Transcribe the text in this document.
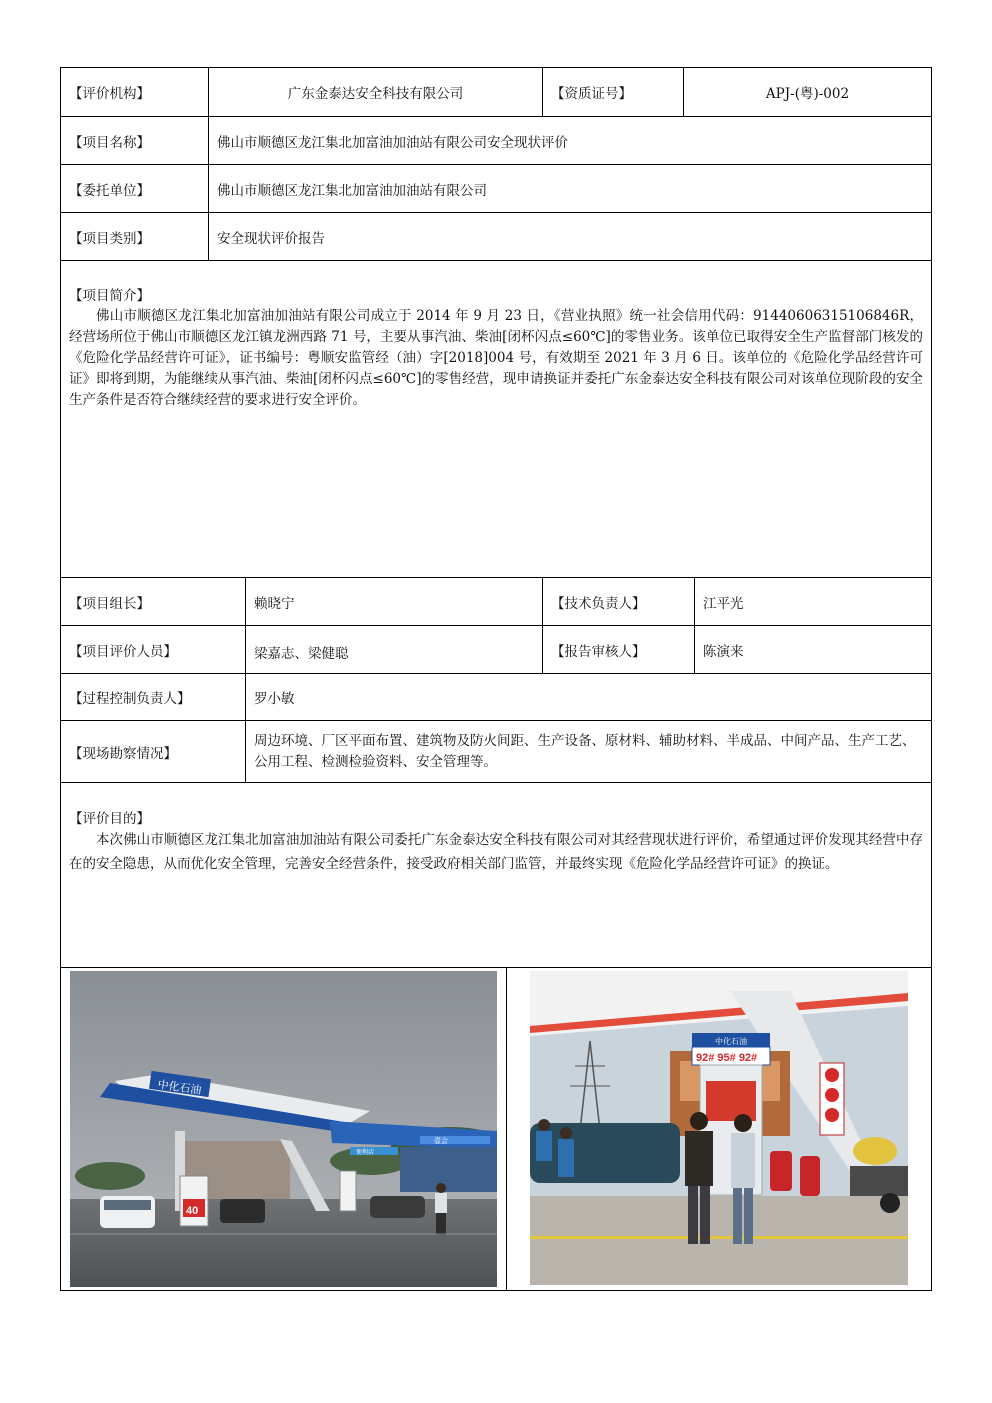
【评价机构】	广东金泰达安全科技有限公司	【资质证号】	APJ-(粤)-002
【项目名称】	佛山市顺德区龙江集北加富油加油站有限公司安全现状评价
【委托单位】	佛山市顺德区龙江集北加富油加油站有限公司
【项目类别】	安全现状评价报告
【项目简介】
佛山市顺德区龙江集北加富油加油站有限公司成立于 2014 年 9 月 23 日，《营业执照》统一社会信用代码：91440606315106846R，经营场所位于佛山市顺德区龙江镇龙洲西路 71 号，主要从事汽油、柴油[闭杯闪点≤60℃]的零售业务。该单位已取得安全生产监督部门核发的《危险化学品经营许可证》，证书编号：粤顺安监管经（油）字[2018]004 号，有效期至 2021 年 3 月 6 日。该单位的《危险化学品经营许可证》即将到期，为能继续从事汽油、柴油[闭杯闪点≤60℃]的零售经营，现申请换证并委托广东金泰达安全科技有限公司对该单位现阶段的安全生产条件是否符合继续经营的要求进行安全评价。
【项目组长】	赖晓宁	【技术负责人】	江平光
【项目评价人员】	梁嘉志、梁健聪	【报告审核人】	陈演来
【过程控制负责人】	罗小敏
【现场勘察情况】
周边环境、厂区平面布置、建筑物及防火间距、生产设备、原材料、辅助材料、半成品、中间产品、生产工艺、公用工程、检测检验资料、安全管理等。
【评价目的】
本次佛山市顺德区龙江集北加富油加油站有限公司委托广东金泰达安全科技有限公司对其经营现状进行评价，希望通过评价发现其经营中存在的安全隐患，从而优化安全管理，完善安全经营条件，接受政府相关部门监管，并最终实现《危险化学品经营许可证》的换证。
中化石油
壹会
便利店
40
中化石油
92# 95# 92#
